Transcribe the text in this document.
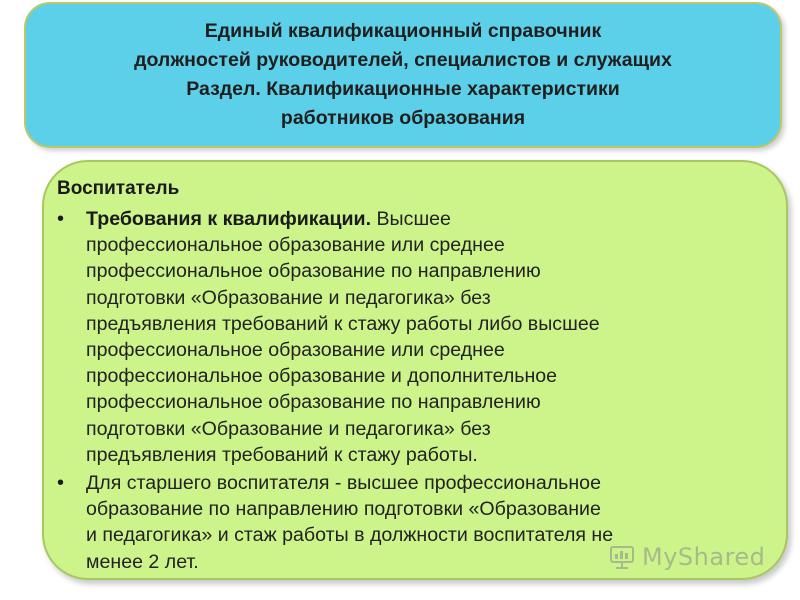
Единый квалификационный справочник
должностей руководителей, специалистов и служащих
Раздел. Квалификационные характеристики
работников образования
Воспитатель
• Требования к квалификации. Высшее
профессиональное образование или среднее
профессиональное образование по направлению
подготовки «Образование и педагогика» без
предъявления требований к стажу работы либо высшее
профессиональное образование или среднее
профессиональное образование и дополнительное
профессиональное образование по направлению
подготовки «Образование и педагогика» без
предъявления требований к стажу работы.
• Для старшего воспитателя - высшее профессиональное
образование по направлению подготовки «Образование
и педагогика» и стаж работы в должности воспитателя не
менее 2 лет.	MyShared
